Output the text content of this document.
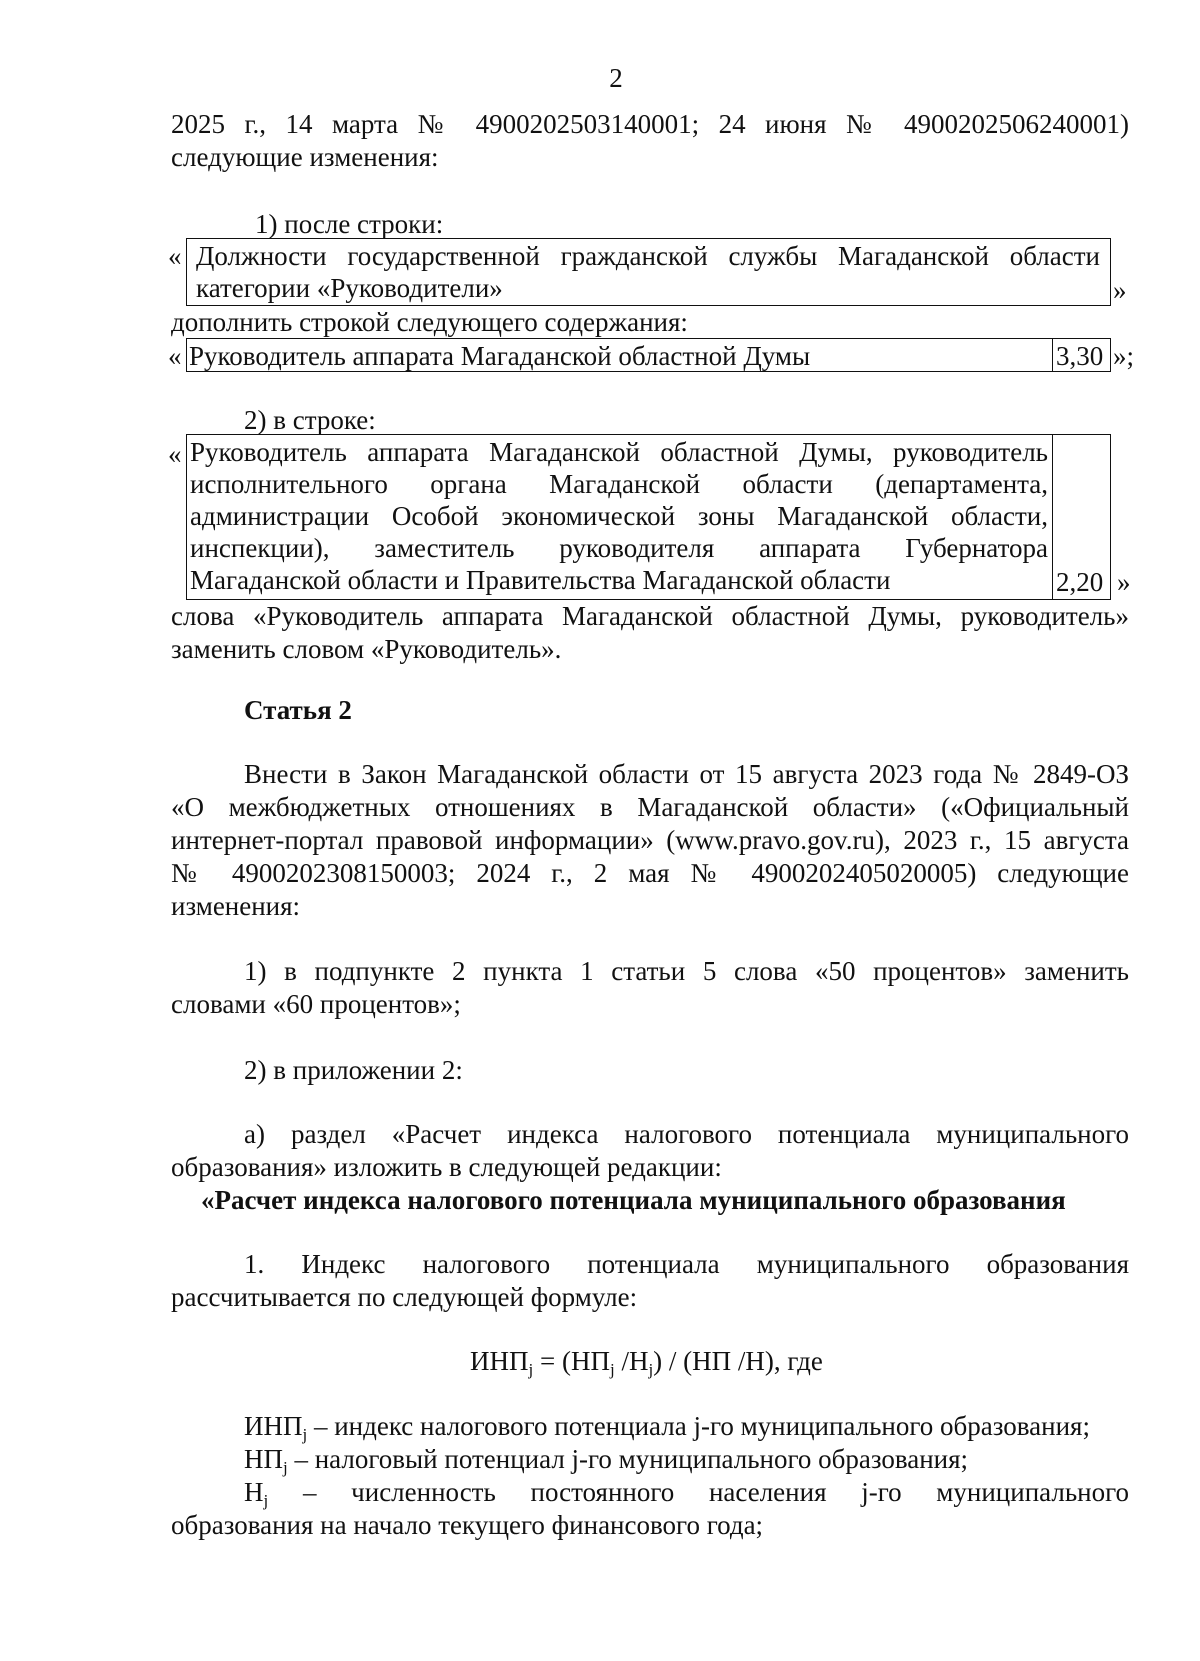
2
2025 г., 14 марта № 4900202503140001; 24 июня № 4900202506240001)
следующие изменения:
1) после строки:
« Должности государственной гражданской службы Магаданской области
категории «Руководители»	»
дополнить строкой следующего содержания:
« Руководитель аппарата Магаданской областной Думы	3,30 »;
2) в строке:
« Руководитель аппарата Магаданской областной Думы, руководитель
исполнительного органа Магаданской области (департамента,
администрации Особой экономической зоны Магаданской области,
инспекции), заместитель руководителя аппарата Губернатора
Магаданской области и Правительства Магаданской области	2,20 »
слова «Руководитель аппарата Магаданской областной Думы, руководитель»
заменить словом «Руководитель».
Статья 2
Внести в Закон Магаданской области от 15 августа 2023 года № 2849-ОЗ
«О межбюджетных отношениях в Магаданской области» («Официальный
интернет-портал правовой информации» (www.pravo.gov.ru), 2023 г., 15 августа
№ 4900202308150003; 2024 г., 2 мая № 4900202405020005) следующие
изменения:
1) в подпункте 2 пункта 1 статьи 5 слова «50 процентов» заменить
словами «60 процентов»;
2) в приложении 2:
а) раздел «Расчет индекса налогового потенциала муниципального
образования» изложить в следующей редакции:
«Расчет индекса налогового потенциала муниципального образования
1. Индекс налогового потенциала муниципального образования
рассчитывается по следующей формуле:
$ИНП_j = (НП_j$ $/Н_j) / (НП$ /Н), где
$ИНП_j$ – индекс налогового потенциала j-го муниципального образования;
$НП_j$ – налоговый потенциал j-го муниципального образования;
$Н_j$ – численность постоянного населения j-го муниципального
образования на начало текущего финансового года;
